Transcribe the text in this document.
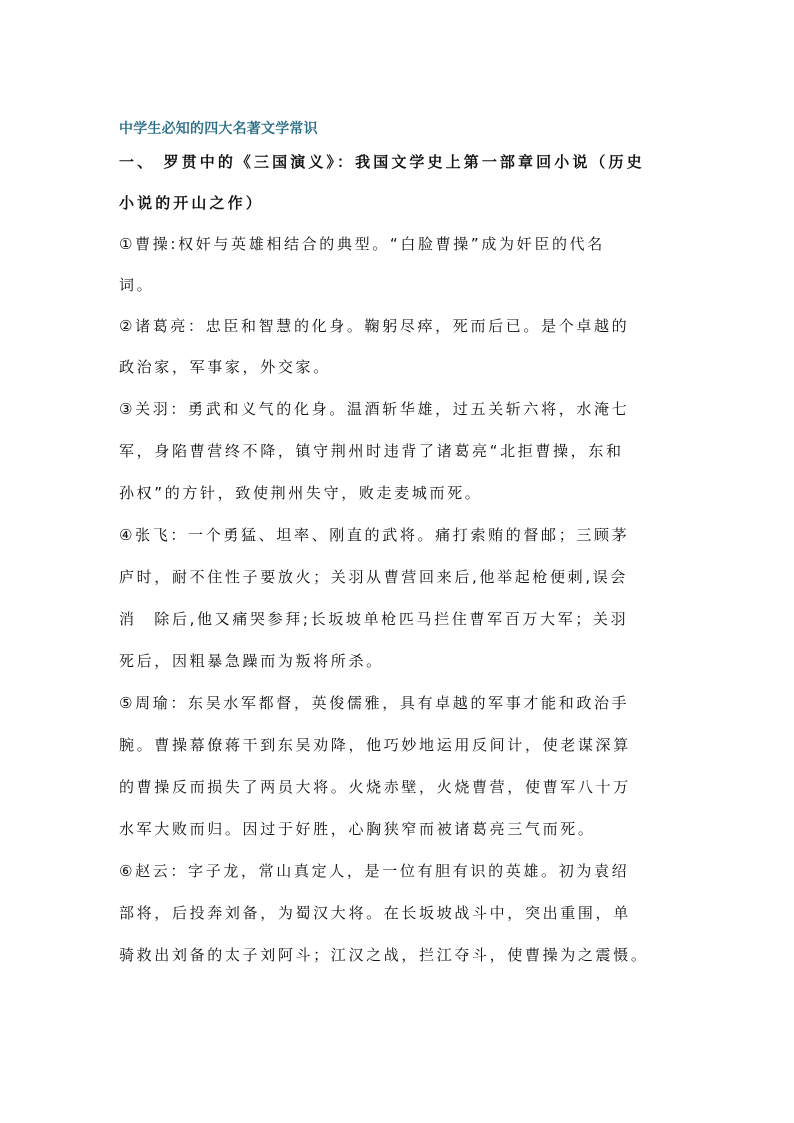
中学生必知的四大名著文学常识
一、 罗贯中的《三国演义》：我国文学史上第一部章回小说（历史
小说的开山之作）
①曹操:权奸与英雄相结合的典型。“白脸曹操”成为奸臣的代名
词。
②诸葛亮：忠臣和智慧的化身。鞠躬尽瘁，死而后已。是个卓越的
政治家，军事家，外交家。
③关羽：勇武和义气的化身。温酒斩华雄，过五关斩六将，水淹七
军，身陷曹营终不降，镇守荆州时违背了诸葛亮“北拒曹操，东和
孙权”的方针，致使荆州失守，败走麦城而死。
④张飞：一个勇猛、坦率、刚直的武将。痛打索贿的督邮；三顾茅
庐时，耐不住性子要放火；关羽从曹营回来后,他举起枪便刺,误会
消　除后,他又痛哭参拜;长坂坡单枪匹马拦住曹军百万大军；关羽
死后，因粗暴急躁而为叛将所杀。
⑤周瑜：东吴水军都督，英俊儒雅，具有卓越的军事才能和政治手
腕。曹操幕僚蒋干到东吴劝降，他巧妙地运用反间计，使老谋深算
的曹操反而损失了两员大将。火烧赤壁，火烧曹营，使曹军八十万
水军大败而归。因过于好胜，心胸狭窄而被诸葛亮三气而死。
⑥赵云：字子龙，常山真定人，是一位有胆有识的英雄。初为袁绍
部将，后投奔刘备，为蜀汉大将。在长坂坡战斗中，突出重围，单
骑救出刘备的太子刘阿斗；江汉之战，拦江夺斗，使曹操为之震慑。
